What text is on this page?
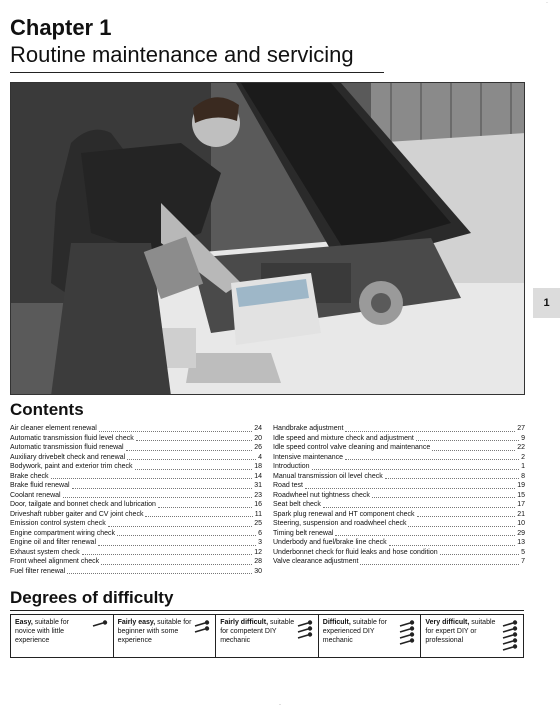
·
Chapter 1
Routine maintenance and servicing
1
Contents
Air cleaner element renewal	24
Automatic transmission fluid level check	20
Automatic transmission fluid renewal	26
Auxiliary drivebelt check and renewal	4
Bodywork, paint and exterior trim check	18
Brake check	14
Brake fluid renewal	31
Coolant renewal	23
Door, tailgate and bonnet check and lubrication	16
Driveshaft rubber gaiter and CV joint check	11
Emission control system check	25
Engine compartment wiring check	6
Engine oil and filter renewal	3
Exhaust system check	12
Front wheel alignment check	28
Fuel filter renewal	30
Handbrake adjustment	27
Idle speed and mixture check and adjustment	9
Idle speed control valve cleaning and maintenance	22
Intensive maintenance	2
Introduction	1
Manual transmission oil level check	8
Road test	19
Roadwheel nut tightness check	15
Seat belt check	17
Spark plug renewal and HT component check	21
Steering, suspension and roadwheel check	10
Timing belt renewal	29
Underbody and fuel/brake line check	13
Underbonnet check for fluid leaks and hose condition	5
Valve clearance adjustment	7
Degrees of difficulty
Easy, suitable for novice with little experience
Fairly easy, suitable for beginner with some experience
Fairly difficult, suitable for competent DIY mechanic
Difficult, suitable for experienced DIY mechanic
Very difficult, suitable for expert DIY or professional
·
